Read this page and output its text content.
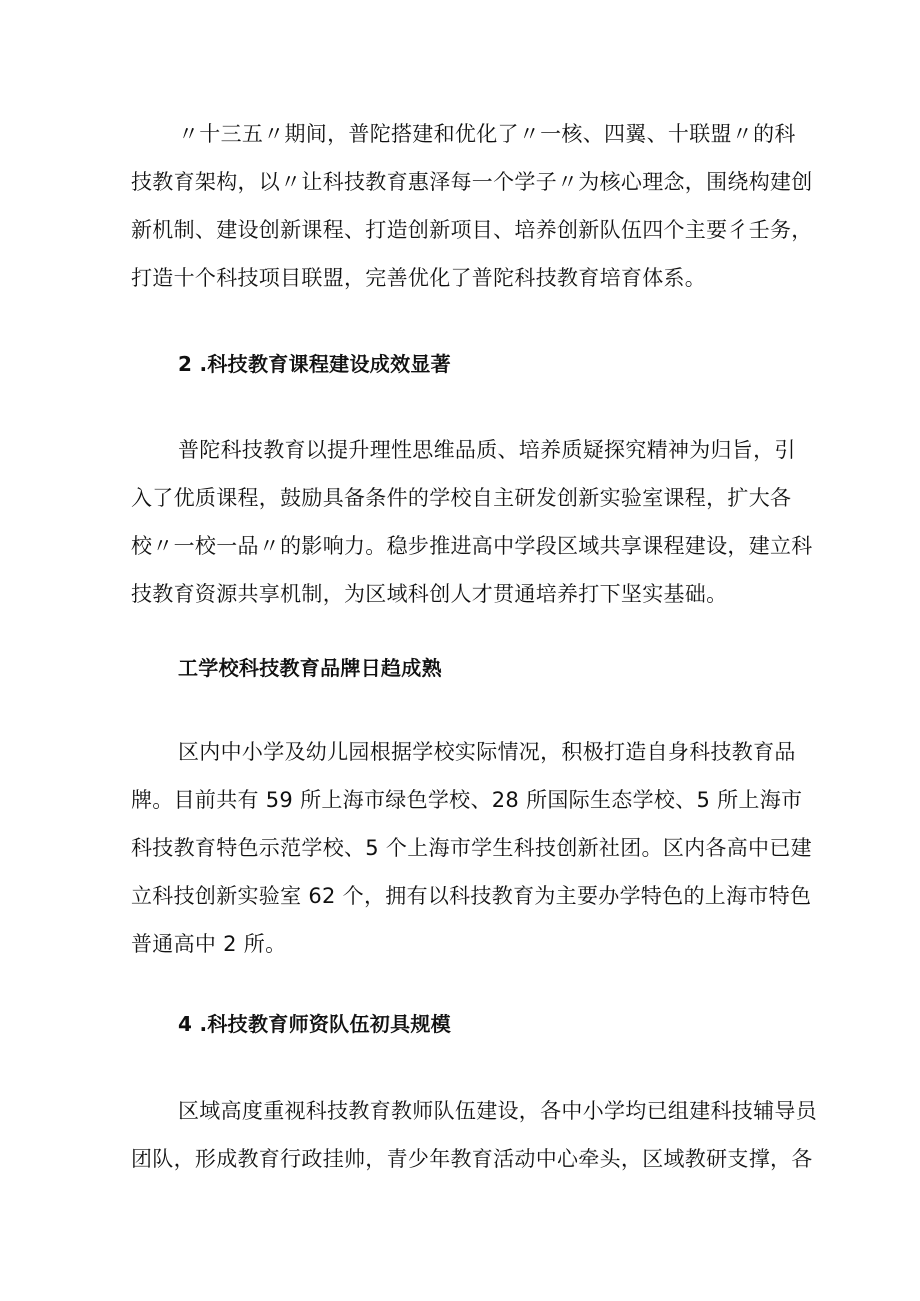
〃十三五〃期间，普陀搭建和优化了〃一核、四翼、十联盟〃的科
技教育架构，以〃让科技教育惠泽每一个学子〃为核心理念，围绕构建创
新机制、建设创新课程、打造创新项目、培养创新队伍四个主要彳壬务，
打造十个科技项目联盟，完善优化了普陀科技教育培育体系。
2 .科技教育课程建设成效显著
普陀科技教育以提升理性思维品质、培养质疑探究精神为归旨，引
入了优质课程，鼓励具备条件的学校自主研发创新实验室课程，扩大各
校〃一校一品〃的影响力。稳步推进高中学段区域共享课程建设，建立科
技教育资源共享机制，为区域科创人才贯通培养打下坚实基础。
工学校科技教育品牌日趋成熟
区内中小学及幼儿园根据学校实际情况，积极打造自身科技教育品
牌。目前共有 59 所上海市绿色学校、28 所国际生态学校、5 所上海市
科技教育特色示范学校、5 个上海市学生科技创新社团。区内各高中已建
立科技创新实验室 62 个，拥有以科技教育为主要办学特色的上海市特色
普通高中 2 所。
4 .科技教育师资队伍初具规模
区域高度重视科技教育教师队伍建设，各中小学均已组建科技辅导员
团队，形成教育行政挂帅，青少年教育活动中心牵头，区域教研支撑，各
